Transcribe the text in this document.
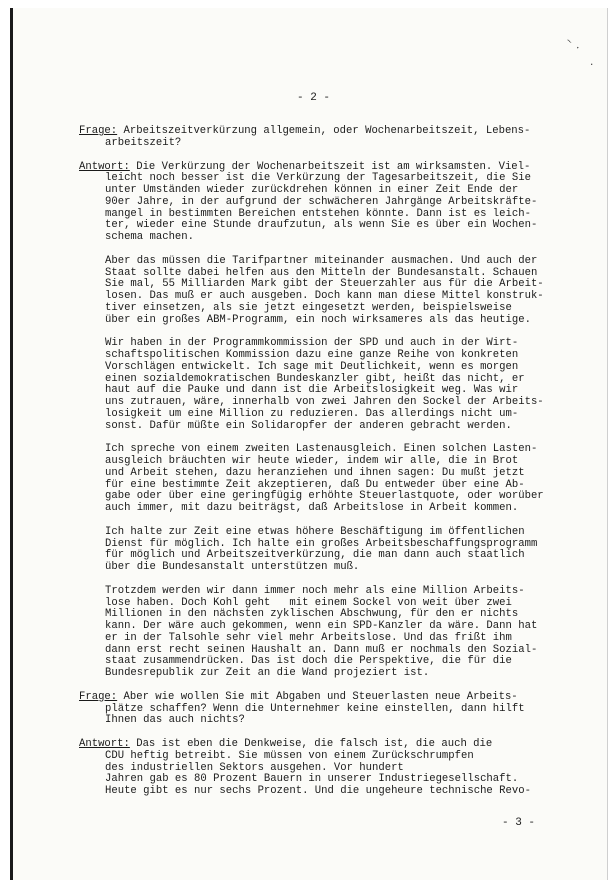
~ ·
·
- 2 -
Frage: Arbeitszeitverkürzung allgemein, oder Wochenarbeitszeit, Lebens-
arbeitszeit?
Antwort: Die Verkürzung der Wochenarbeitszeit ist am wirksamsten. Viel-
leicht noch besser ist die Verkürzung der Tagesarbeitszeit, die Sie
unter Umständen wieder zurückdrehen können in einer Zeit Ende der
90er Jahre, in der aufgrund der schwächeren Jahrgänge Arbeitskräfte-
mangel in bestimmten Bereichen entstehen könnte. Dann ist es leich-
ter, wieder eine Stunde draufzutun, als wenn Sie es über ein Wochen-
schema machen.
Aber das müssen die Tarifpartner miteinander ausmachen. Und auch der
Staat sollte dabei helfen aus den Mitteln der Bundesanstalt. Schauen
Sie mal, 55 Milliarden Mark gibt der Steuerzahler aus für die Arbeit-
losen. Das muß er auch ausgeben. Doch kann man diese Mittel konstruk-
tiver einsetzen, als sie jetzt eingesetzt werden, beispielsweise
über ein großes ABM-Programm, ein noch wirksameres als das heutige.
Wir haben in der Programmkommission der SPD und auch in der Wirt-
schaftspolitischen Kommission dazu eine ganze Reihe von konkreten
Vorschlägen entwickelt. Ich sage mit Deutlichkeit, wenn es morgen
einen sozialdemokratischen Bundeskanzler gibt, heißt das nicht, er
haut auf die Pauke und dann ist die Arbeitslosigkeit weg. Was wir
uns zutrauen, wäre, innerhalb von zwei Jahren den Sockel der Arbeits-
losigkeit um eine Million zu reduzieren. Das allerdings nicht um-
sonst. Dafür müßte ein Solidaropfer der anderen gebracht werden.
Ich spreche von einem zweiten Lastenausgleich. Einen solchen Lasten-
ausgleich bräuchten wir heute wieder, indem wir alle, die in Brot
und Arbeit stehen, dazu heranziehen und ihnen sagen: Du mußt jetzt
für eine bestimmte Zeit akzeptieren, daß Du entweder über eine Ab-
gabe oder über eine geringfügig erhöhte Steuerlastquote, oder worüber
auch immer, mit dazu beiträgst, daß Arbeitslose in Arbeit kommen.
Ich halte zur Zeit eine etwas höhere Beschäftigung im öffentlichen
Dienst für möglich. Ich halte ein großes Arbeitsbeschaffungsprogramm
für möglich und Arbeitszeitverkürzung, die man dann auch staatlich
über die Bundesanstalt unterstützen muß.
Trotzdem werden wir dann immer noch mehr als eine Million Arbeits-
lose haben. Doch Kohl geht   mit einem Sockel von weit über zwei
Millionen in den nächsten zyklischen Abschwung, für den er nichts
kann. Der wäre auch gekommen, wenn ein SPD-Kanzler da wäre. Dann hat
er in der Talsohle sehr viel mehr Arbeitslose. Und das frißt ihm
dann erst recht seinen Haushalt an. Dann muß er nochmals den Sozial-
staat zusammendrücken. Das ist doch die Perspektive, die für die
Bundesrepublik zur Zeit an die Wand projeziert ist.
Frage: Aber wie wollen Sie mit Abgaben und Steuerlasten neue Arbeits-
plätze schaffen? Wenn die Unternehmer keine einstellen, dann hilft
Ihnen das auch nichts?
Antwort: Das ist eben die Denkweise, die falsch ist, die auch die
CDU heftig betreibt. Sie müssen von einem Zurückschrumpfen
des industriellen Sektors ausgehen. Vor hundert
Jahren gab es 80 Prozent Bauern in unserer Industriegesellschaft.
Heute gibt es nur sechs Prozent. Und die ungeheure technische Revo-
- 3 -
